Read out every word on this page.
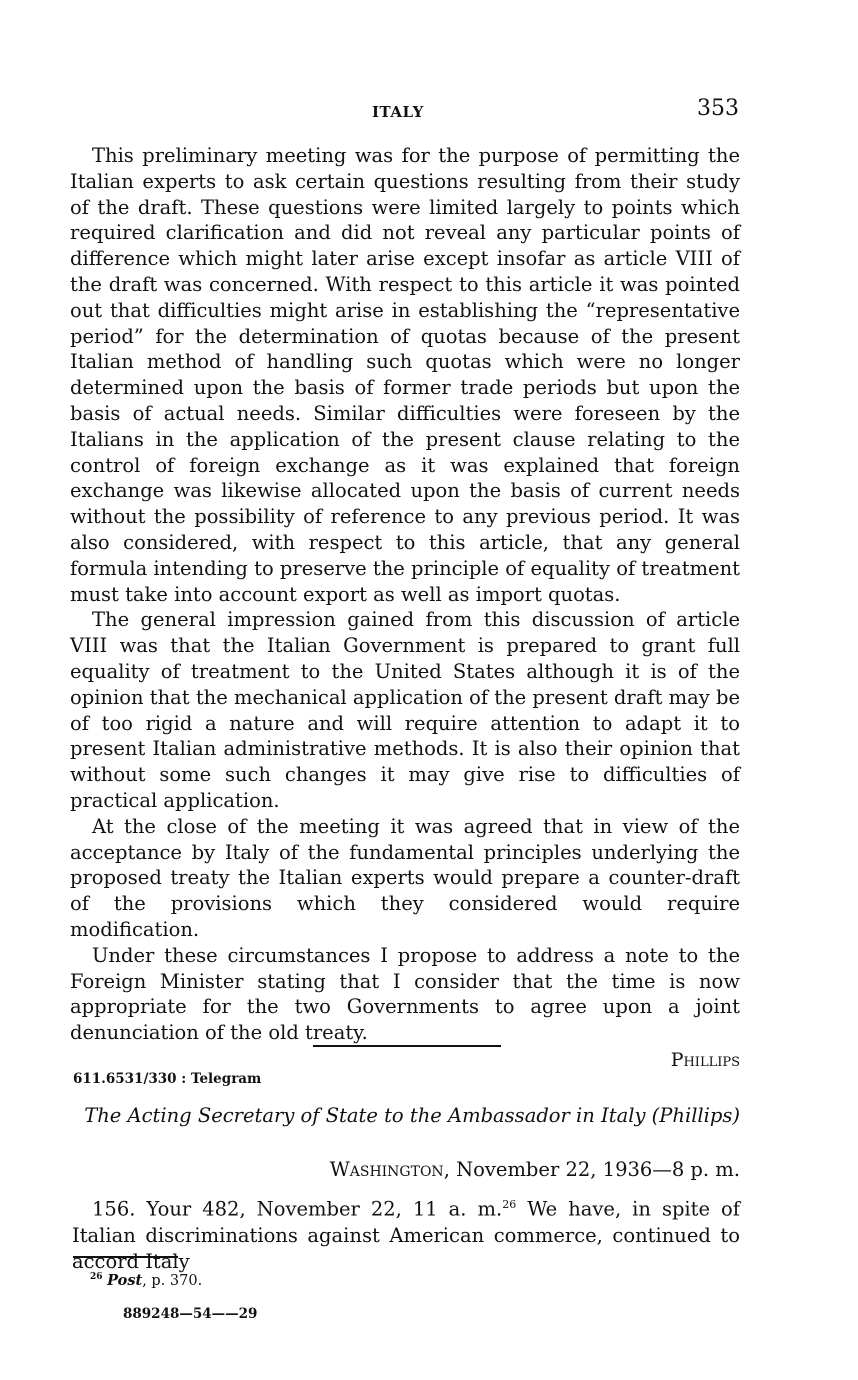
ITALY	353

This preliminary meeting was for the purpose of permitting the Italian experts to ask certain questions resulting from their study of the draft. These questions were limited largely to points which required clarification and did not reveal any particular points of difference which might later arise except insofar as article VIII of the draft was concerned. With respect to this article it was pointed out that difficulties might arise in establishing the “representative period” for the determination of quotas because of the present Italian method of handling such quotas which were no longer determined upon the basis of former trade periods but upon the basis of actual needs. Similar difficulties were foreseen by the Italians in the application of the present clause relating to the control of foreign exchange as it was explained that foreign exchange was likewise allocated upon the basis of current needs without the possibility of reference to any previous period. It was also considered, with respect to this article, that any general formula intending to preserve the principle of equality of treatment must take into account export as well as import quotas.

The general impression gained from this discussion of article VIII was that the Italian Government is prepared to grant full equality of treatment to the United States although it is of the opinion that the mechanical application of the present draft may be of too rigid a nature and will require attention to adapt it to present Italian administrative methods. It is also their opinion that without some such changes it may give rise to difficulties of practical application.

At the close of the meeting it was agreed that in view of the acceptance by Italy of the fundamental principles underlying the proposed treaty the Italian experts would prepare a counter-draft of the provisions which they considered would require modification.

Under these circumstances I propose to address a note to the Foreign Minister stating that I consider that the time is now appropriate for the two Governments to agree upon a joint denunciation of the old treaty.

Phillips
611.6531/330 : Telegram
The Acting Secretary of State to the Ambassador in Italy (Phillips)
Washington, November 22, 1936—8 p. m.

156. Your 482, November 22, 11 a. m.$^{26}$ We have, in spite of Italian discriminations against American commerce, continued to accord Italy

$^{26}$ Post, p. 370.
889248—54——29
